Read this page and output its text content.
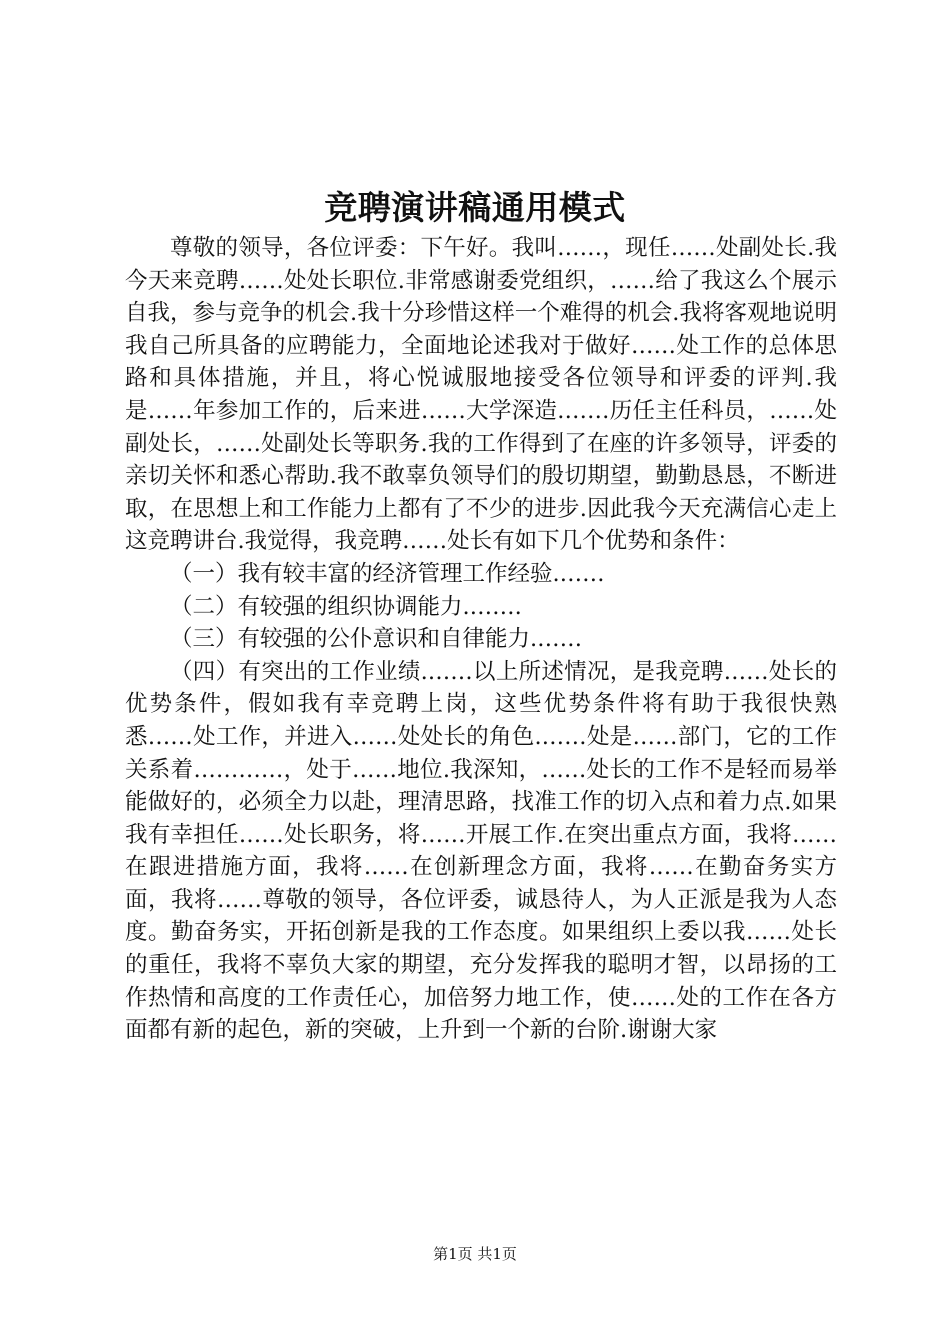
竞聘演讲稿通用模式

尊敬的领导，各位评委：下午好。我叫……，现任……处副处长.我今天来竞聘……处处长职位.非常感谢委党组织，……给了我这么个展示自我，参与竞争的机会.我十分珍惜这样一个难得的机会.我将客观地说明我自己所具备的应聘能力，全面地论述我对于做好……处工作的总体思路和具体措施，并且，将心悦诚服地接受各位领导和评委的评判.我是……年参加工作的，后来进……大学深造.……历任主任科员，……处副处长，……处副处长等职务.我的工作得到了在座的许多领导，评委的亲切关怀和悉心帮助.我不敢辜负领导们的殷切期望，勤勤恳恳，不断进取，在思想上和工作能力上都有了不少的进步.因此我今天充满信心走上这竞聘讲台.我觉得，我竞聘……处长有如下几个优势和条件：

（一）我有较丰富的经济管理工作经验.……

（二）有较强的组织协调能力.…….

（三）有较强的公仆意识和自律能力.……

（四）有突出的工作业绩.……以上所述情况，是我竞聘……处长的优势条件，假如我有幸竞聘上岗，这些优势条件将有助于我很快熟悉……处工作，并进入……处处长的角色.……处是……部门，它的工作关系着…………，处于……地位.我深知，……处长的工作不是轻而易举能做好的，必须全力以赴，理清思路，找准工作的切入点和着力点.如果我有幸担任……处长职务，将……开展工作.在突出重点方面，我将……在跟进措施方面，我将……在创新理念方面，我将……在勤奋务实方面，我将……尊敬的领导，各位评委，诚恳待人，为人正派是我为人态度。勤奋务实，开拓创新是我的工作态度。如果组织上委以我……处长的重任，我将不辜负大家的期望，充分发挥我的聪明才智，以昂扬的工作热情和高度的工作责任心，加倍努力地工作，使……处的工作在各方面都有新的起色，新的突破，上升到一个新的台阶.谢谢大家

第1页 共1页
